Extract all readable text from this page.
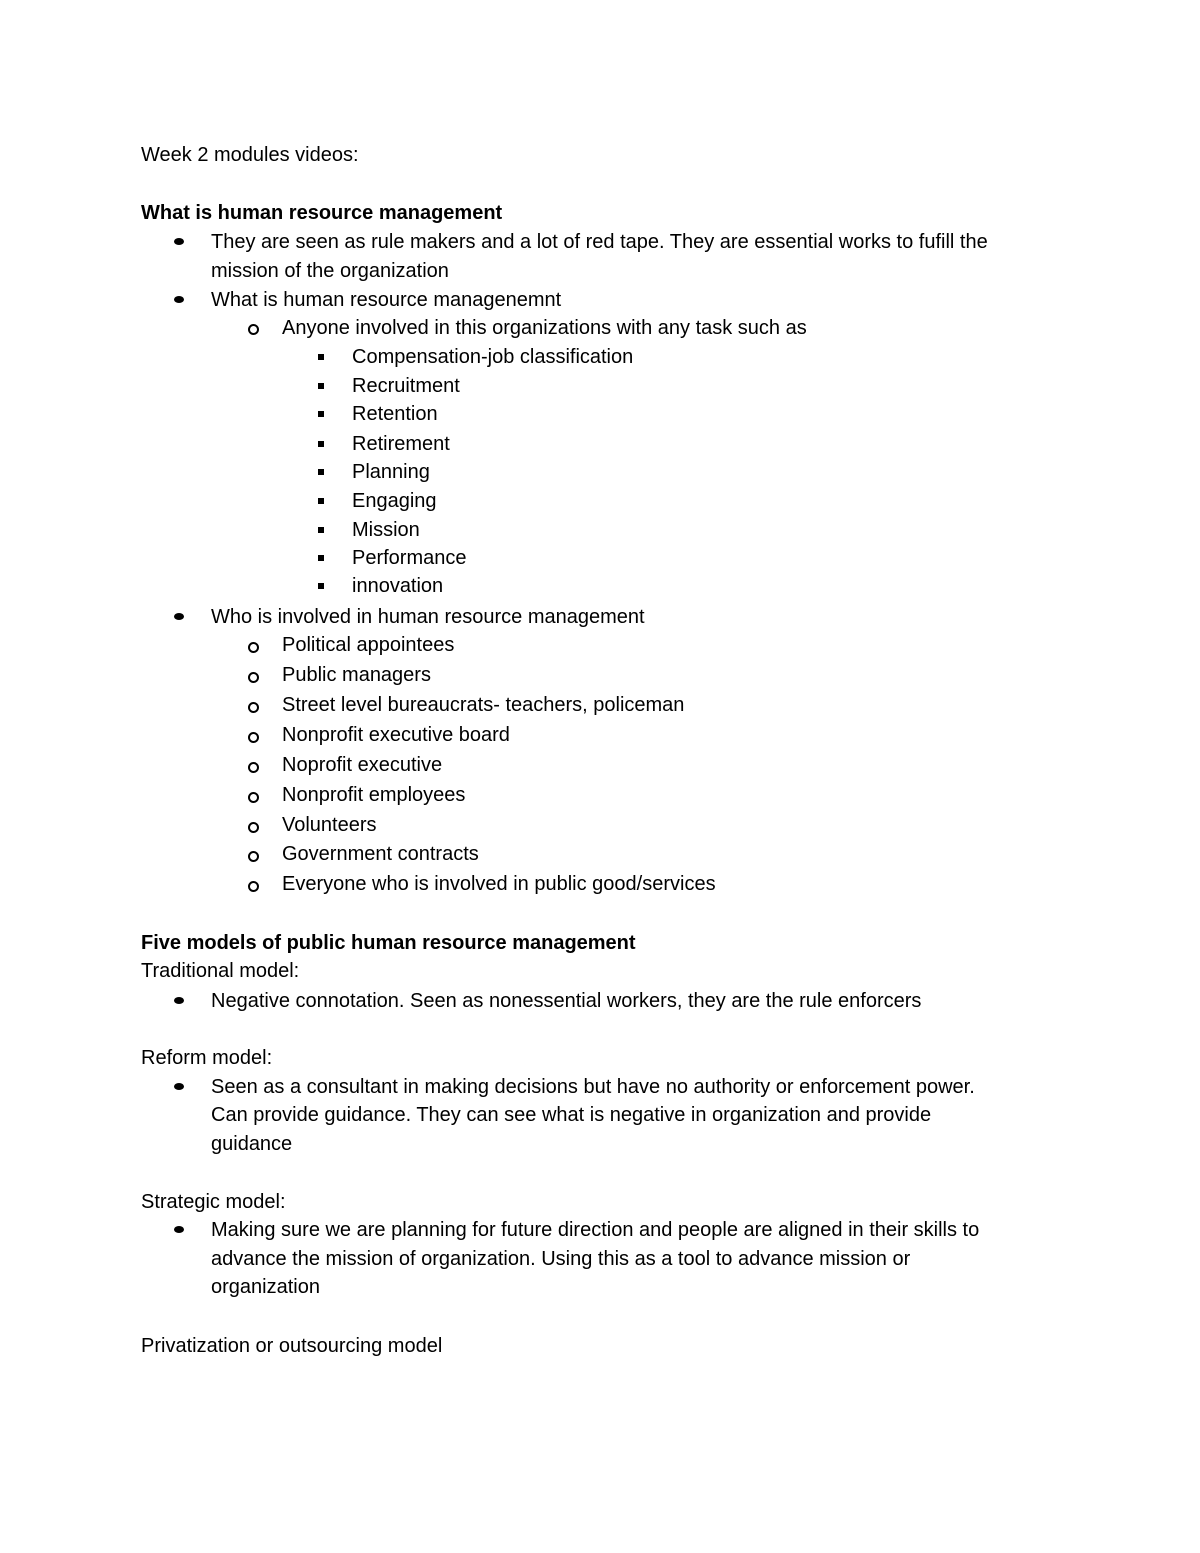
Week 2 modules videos:
What is human resource management
They are seen as rule makers and a lot of red tape. They are essential works to fufill the
mission of the organization
What is human resource managenemnt
Anyone involved in this organizations with any task such as
Compensation-job classification
Recruitment
Retention
Retirement
Planning
Engaging
Mission
Performance
innovation
Who is involved in human resource management
Political appointees
Public managers
Street level bureaucrats- teachers, policeman
Nonprofit executive board
Noprofit executive
Nonprofit employees
Volunteers
Government contracts
Everyone who is involved in public good/services
Five models of public human resource management
Traditional model:
Negative connotation. Seen as nonessential workers, they are the rule enforcers
Reform model:
Seen as a consultant in making decisions but have no authority or enforcement power.
Can provide guidance. They can see what is negative in organization and provide
guidance
Strategic model:
Making sure we are planning for future direction and people are aligned in their skills to
advance the mission of organization. Using this as a tool to advance mission or
organization
Privatization or outsourcing model
